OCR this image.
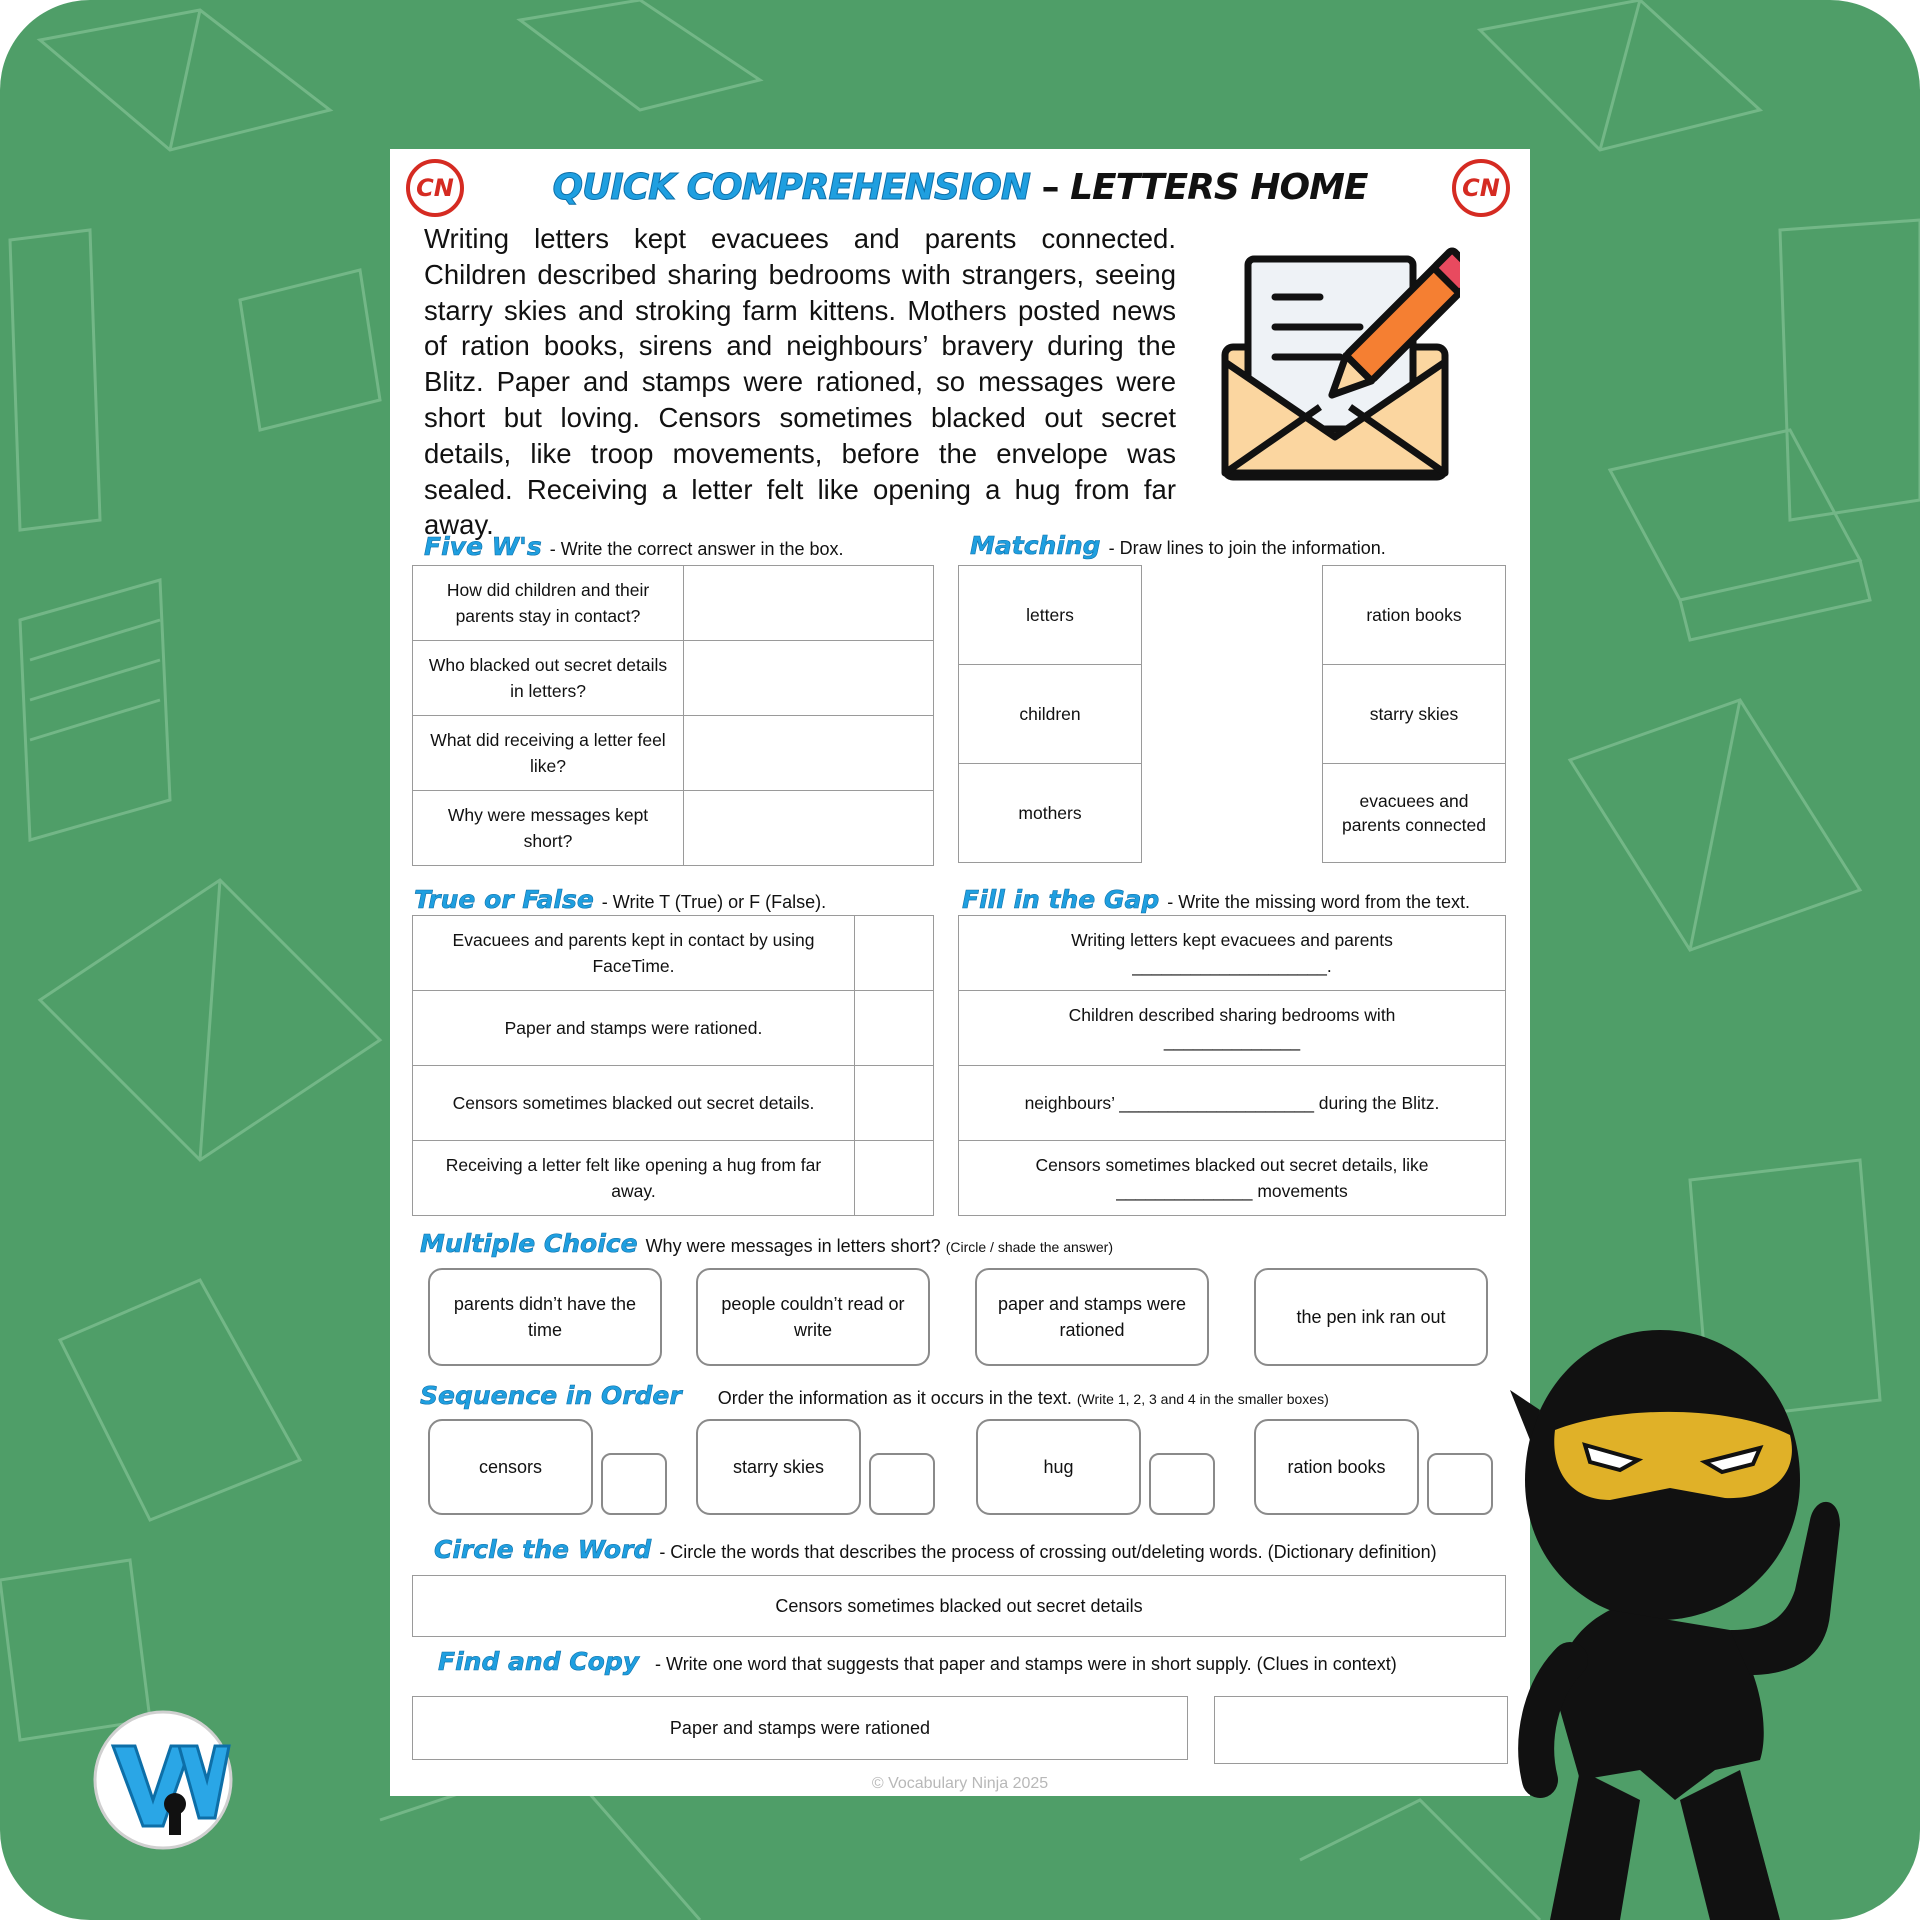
CN	CN
QUICK COMPREHENSION – LETTERS HOME
Writing letters kept evacuees and parents connected. Children described sharing bedrooms with strangers, seeing starry skies and stroking farm kittens. Mothers posted news of ration books, sirens and neighbours’ bravery during the Blitz. Paper and stamps were rationed, so messages were short but loving. Censors sometimes blacked out secret details, like troop movements, before the envelope was sealed. Receiving a letter felt like opening a hug from far away.
Five W's - Write the correct answer in the box.
How did children and their parents stay in contact?	
Who blacked out secret details in letters?	
What did receiving a letter feel like?	
Why were messages kept short?	
Matching - Draw lines to join the information.
letters
children
mothers
ration books
starry skies
evacuees and parents connected
True or False - Write T (True) or F (False).
Evacuees and parents kept in contact by using FaceTime.	
Paper and stamps were rationed.	
Censors sometimes blacked out secret details.	
Receiving a letter felt like opening a hug from far away.	
Fill in the Gap - Write the missing word from the text.
Writing letters kept evacuees and parents
____________________.

Children described sharing bedrooms with
______________

neighbours’ ____________________ during the Blitz.

Censors sometimes blacked out secret details, like
______________ movements
Multiple Choice Why were messages in letters short? (Circle / shade the answer)
parents didn’t have the time
people couldn’t read or write
paper and stamps were rationed
the pen ink ran out
Sequence in Order Order the information as it occurs in the text. (Write 1, 2, 3 and 4 in the smaller boxes)
censors	starry skies	hug	ration books
Circle the Word - Circle the words that describes the process of crossing out/deleting words. (Dictionary definition)
Censors sometimes blacked out secret details
Find and Copy - Write one word that suggests that paper and stamps were in short supply. (Clues in context)
Paper and stamps were rationed
© Vocabulary Ninja 2025
